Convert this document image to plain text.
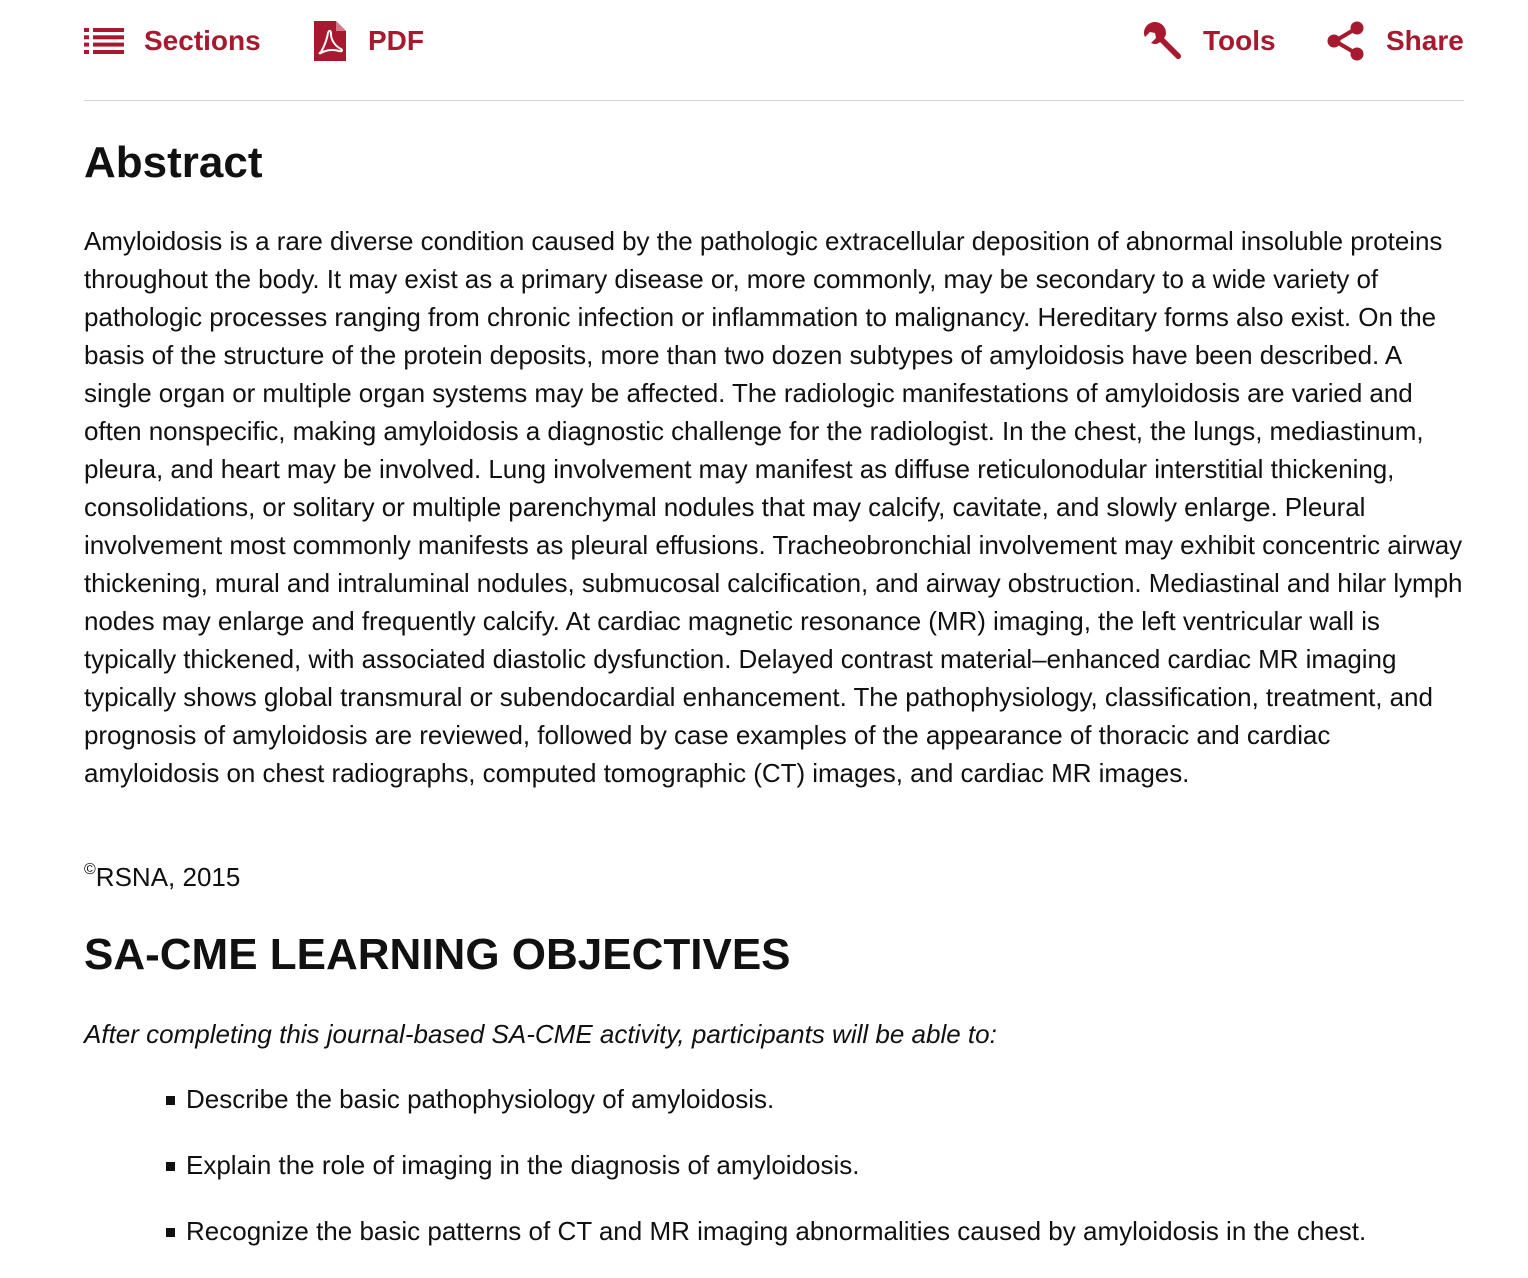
Sections	PDF	Tools	Share
Abstract

Amyloidosis is a rare diverse condition caused by the pathologic extracellular deposition of abnormal insoluble proteins throughout the body. It may exist as a primary disease or, more commonly, may be secondary to a wide variety of pathologic processes ranging from chronic infection or inflammation to malignancy. Hereditary forms also exist. On the basis of the structure of the protein deposits, more than two dozen subtypes of amyloidosis have been described. A single organ or multiple organ systems may be affected. The radiologic manifestations of amyloidosis are varied and often nonspecific, making amyloidosis a diagnostic challenge for the radiologist. In the chest, the lungs, mediastinum, pleura, and heart may be involved. Lung involvement may manifest as diffuse reticulonodular interstitial thickening, consolidations, or solitary or multiple parenchymal nodules that may calcify, cavitate, and slowly enlarge. Pleural involvement most commonly manifests as pleural effusions. Tracheobronchial involvement may exhibit concentric airway thickening, mural and intraluminal nodules, submucosal calcification, and airway obstruction. Mediastinal and hilar lymph nodes may enlarge and frequently calcify. At cardiac magnetic resonance (MR) imaging, the left ventricular wall is typically thickened, with associated diastolic dysfunction. Delayed contrast material–enhanced cardiac MR imaging typically shows global transmural or subendocardial enhancement. The pathophysiology, classification, treatment, and prognosis of amyloidosis are reviewed, followed by case examples of the appearance of thoracic and cardiac amyloidosis on chest radiographs, computed tomographic (CT) images, and cardiac MR images.

©RSNA, 2015

SA-CME LEARNING OBJECTIVES

After completing this journal-based SA-CME activity, participants will be able to:

Describe the basic pathophysiology of amyloidosis.
Explain the role of imaging in the diagnosis of amyloidosis.
Recognize the basic patterns of CT and MR imaging abnormalities caused by amyloidosis in the chest.
